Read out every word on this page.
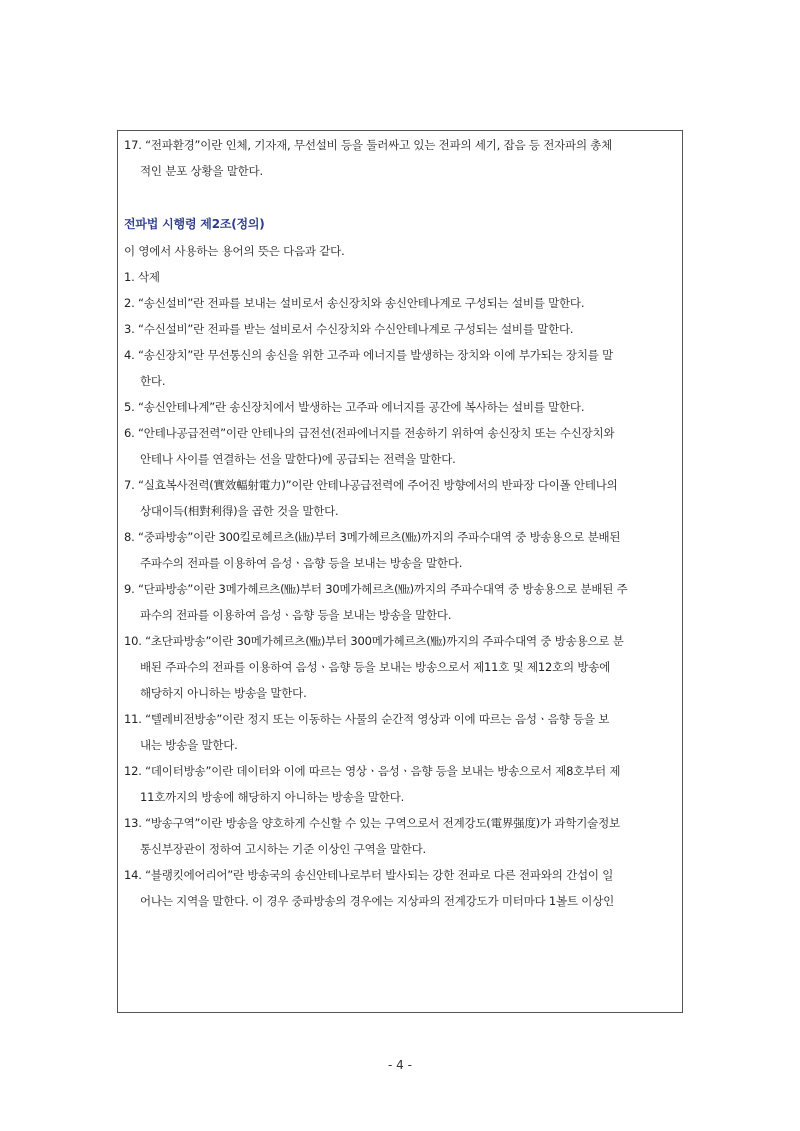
17. “전파환경”이란 인체, 기자재, 무선설비 등을 둘러싸고 있는 전파의 세기, 잡음 등 전자파의 총체
적인 분포 상황을 말한다.

전파법 시행령 제2조(정의)

이 영에서 사용하는 용어의 뜻은 다음과 같다.

1. 삭제

2. “송신설비”란 전파를 보내는 설비로서 송신장치와 송신안테나계로 구성되는 설비를 말한다.

3. “수신설비”란 전파를 받는 설비로서 수신장치와 수신안테나계로 구성되는 설비를 말한다.

4. “송신장치”란 무선통신의 송신을 위한 고주파 에너지를 발생하는 장치와 이에 부가되는 장치를 말
한다.

5. “송신안테나계”란 송신장치에서 발생하는 고주파 에너지를 공간에 복사하는 설비를 말한다.

6. “안테나공급전력”이란 안테나의 급전선(전파에너지를 전송하기 위하여 송신장치 또는 수신장치와
안테나 사이를 연결하는 선을 말한다)에 공급되는 전력을 말한다.

7. “실효복사전력(實效輻射電力)”이란 안테나공급전력에 주어진 방향에서의 반파장 다이폴 안테나의
상대이득(相對利得)을 곱한 것을 말한다.

8. “중파방송”이란 300킬로헤르츠(㎑)부터 3메가헤르츠(㎒)까지의 주파수대역 중 방송용으로 분배된
주파수의 전파를 이용하여 음성ㆍ음향 등을 보내는 방송을 말한다.

9. “단파방송”이란 3메가헤르츠(㎒)부터 30메가헤르츠(㎒)까지의 주파수대역 중 방송용으로 분배된 주
파수의 전파를 이용하여 음성ㆍ음향 등을 보내는 방송을 말한다.

10. “초단파방송”이란 30메가헤르츠(㎒)부터 300메가헤르츠(㎒)까지의 주파수대역 중 방송용으로 분
배된 주파수의 전파를 이용하여 음성ㆍ음향 등을 보내는 방송으로서 제11호 및 제12호의 방송에
해당하지 아니하는 방송을 말한다.

11. “텔레비전방송”이란 정지 또는 이동하는 사물의 순간적 영상과 이에 따르는 음성ㆍ음향 등을 보
내는 방송을 말한다.

12. “데이터방송”이란 데이터와 이에 따르는 영상ㆍ음성ㆍ음향 등을 보내는 방송으로서 제8호부터 제
11호까지의 방송에 해당하지 아니하는 방송을 말한다.

13. “방송구역”이란 방송을 양호하게 수신할 수 있는 구역으로서 전계강도(電界强度)가 과학기술정보
통신부장관이 정하여 고시하는 기준 이상인 구역을 말한다.

14. “블랭킷에어리어”란 방송국의 송신안테나로부터 발사되는 강한 전파로 다른 전파와의 간섭이 일
어나는 지역을 말한다. 이 경우 중파방송의 경우에는 지상파의 전계강도가 미터마다 1볼트 이상인

- 4 -
